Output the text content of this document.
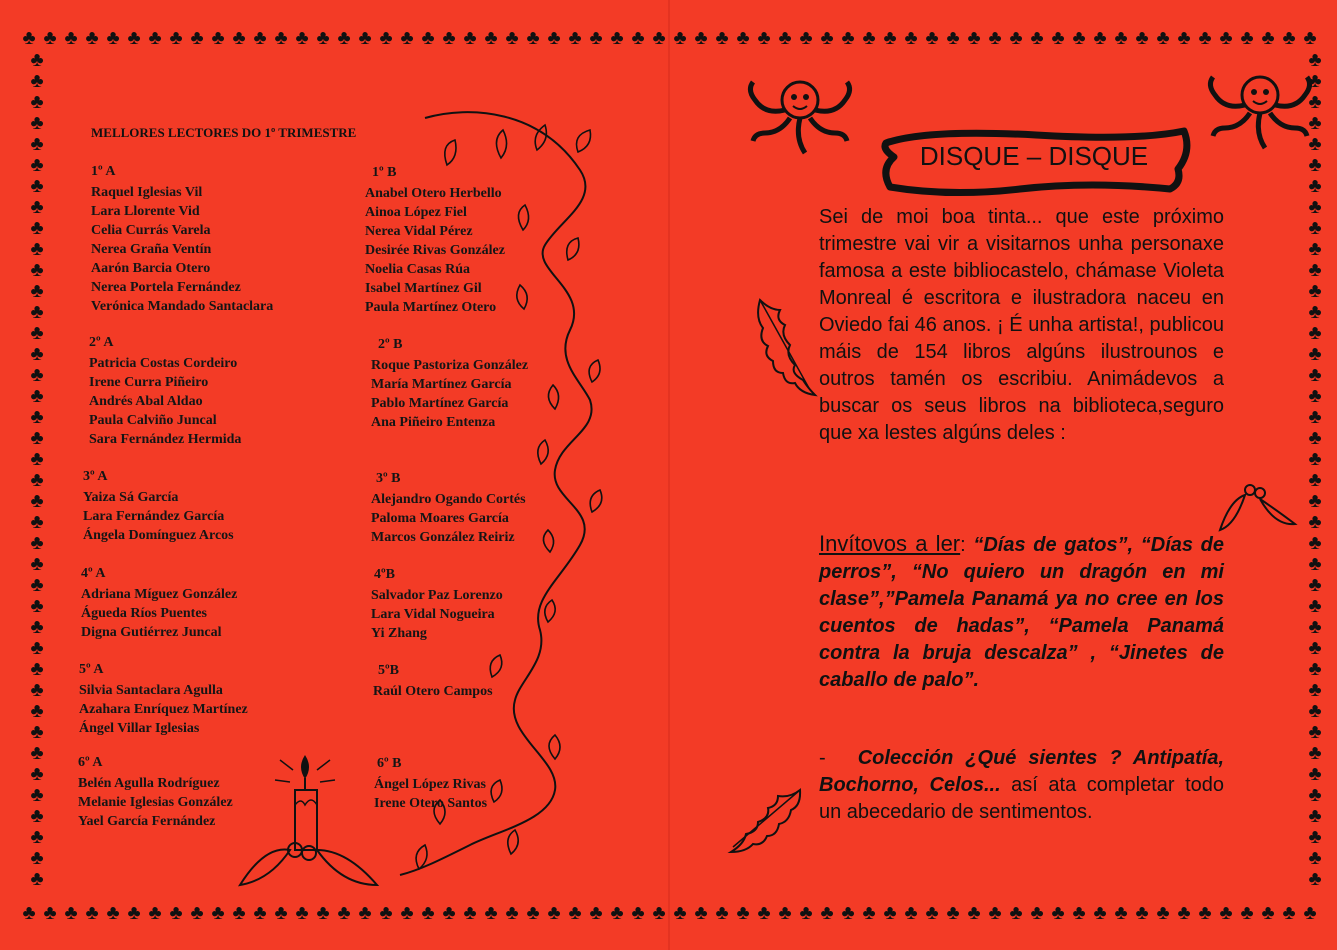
♣ ♣ ♣ ♣ ♣ ♣ ♣ ♣ ♣ ♣ ♣ ♣ ♣ ♣ ♣ ♣ ♣ ♣ ♣ ♣ ♣ ♣ ♣ ♣ ♣ ♣ ♣ ♣ ♣ ♣ ♣ ♣ ♣ ♣ ♣ ♣ ♣ ♣ ♣ ♣ ♣ ♣ ♣ ♣ ♣ ♣ ♣ ♣ ♣ ♣ ♣ ♣ ♣ ♣ ♣ ♣ ♣ ♣ ♣ ♣ ♣ ♣
♣ ♣ ♣ ♣ ♣ ♣ ♣ ♣ ♣ ♣ ♣ ♣ ♣ ♣ ♣ ♣ ♣ ♣ ♣ ♣ ♣ ♣ ♣ ♣ ♣ ♣ ♣ ♣ ♣ ♣ ♣ ♣ ♣ ♣ ♣ ♣ ♣ ♣ ♣ ♣ ♣ ♣ ♣ ♣ ♣ ♣ ♣ ♣ ♣ ♣ ♣ ♣ ♣ ♣ ♣ ♣ ♣ ♣ ♣ ♣ ♣ ♣
♣
♣
♣
♣
♣
♣
♣
♣
♣
♣
♣
♣
♣
♣
♣
♣
♣
♣
♣
♣
♣
♣
♣
♣
♣
♣
♣
♣
♣
♣
♣
♣
♣
♣
♣
♣
♣
♣
♣
♣
♣
♣
♣
♣
♣
♣
♣
♣
♣
♣
♣
♣
♣
♣
♣
♣
♣
♣
♣
♣
♣
♣
♣
♣
♣
♣
♣
♣
♣
♣
♣
♣
♣
♣
♣
♣
♣
♣
♣
♣
MELLORES LECTORES DO 1º TRIMESTRE
1º A
Raquel Iglesias Vil
Lara Llorente Vid
Celia Currás Varela
Nerea Graña Ventín
Aarón Barcia Otero
Nerea Portela Fernández
Verónica Mandado Santaclara
1º B
Anabel Otero Herbello
Ainoa López Fiel
Nerea Vidal Pérez
Desirée Rivas González
Noelia Casas Rúa
Isabel Martínez Gil
Paula Martínez Otero
2º A
Patricia Costas Cordeiro
Irene Curra Piñeiro
Andrés Abal Aldao
Paula Calviño Juncal
Sara Fernández Hermida
2º B
Roque Pastoriza González
María Martínez García
Pablo Martínez García
Ana Piñeiro Entenza
3º A
Yaiza Sá García
Lara Fernández García
Ángela Domínguez Arcos
3º B
Alejandro Ogando Cortés
Paloma Moares García
Marcos González Reiriz
4º A
Adriana Míguez González
Águeda Ríos Puentes
Digna Gutiérrez Juncal
4ºB
Salvador Paz Lorenzo
Lara Vidal Nogueira
Yi Zhang
5º A
Silvia Santaclara Agulla
Azahara Enríquez Martínez
Ángel Villar Iglesias
5ºB
Raúl Otero Campos
6º A
Belén Agulla Rodríguez
Melanie Iglesias González
Yael García Fernández
6º B
Ángel López Rivas
Irene Otero Santos
DISQUE – DISQUE
Sei de moi boa tinta... que este próximo trimestre vai vir a visitarnos unha personaxe famosa a este bibliocastelo, chámase Violeta Monreal é escritora e ilustradora naceu en Oviedo fai 46 anos. ¡ É unha artista!, publicou máis de 154 libros algúns ilustrounos e outros tamén os escribiu. Animádevos a buscar os seus libros na biblioteca,seguro que xa lestes algúns deles :
Invítovos a ler: “Días de gatos”, “Días de perros”, “No quiero un dragón en mi clase”,”Pamela Panamá ya no cree en los cuentos de hadas”, “Pamela Panamá contra la bruja descalza” , “Jinetes de caballo de palo”.
- Colección ¿Qué sientes ? Antipatía, Bochorno, Celos... así ata completar todo un abecedario de sentimentos.
